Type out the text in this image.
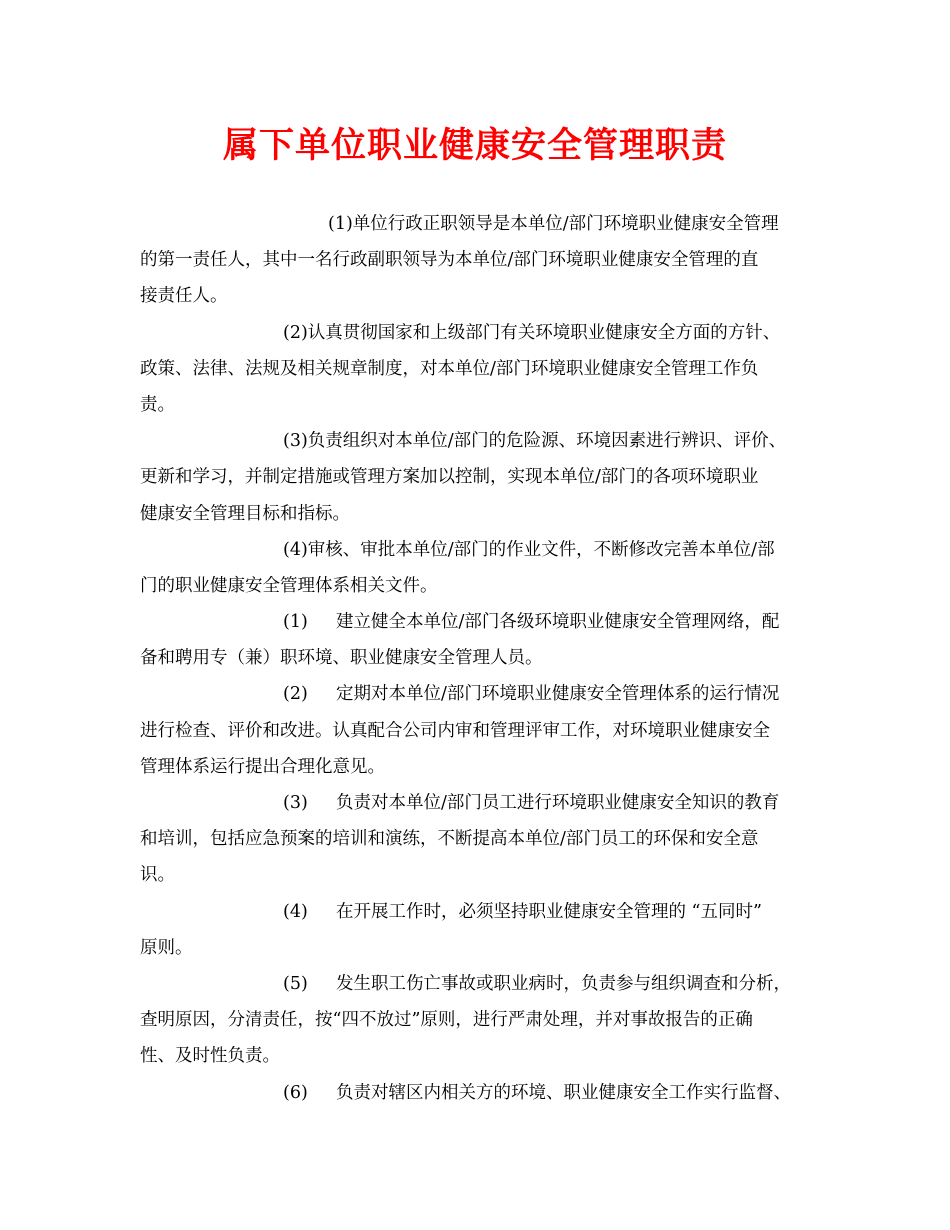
属下单位职业健康安全管理职责
(1)单位行政正职领导是本单位/部门环境职业健康安全管理
的第一责任人，其中一名行政副职领导为本单位/部门环境职业健康安全管理的直
接责任人。
(2)认真贯彻国家和上级部门有关环境职业健康安全方面的方针、
政策、法律、法规及相关规章制度，对本单位/部门环境职业健康安全管理工作负
责。
(3)负责组织对本单位/部门的危险源、环境因素进行辨识、评价、
更新和学习，并制定措施或管理方案加以控制，实现本单位/部门的各项环境职业
健康安全管理目标和指标。
(4)审核、审批本单位/部门的作业文件，不断修改完善本单位/部
门的职业健康安全管理体系相关文件。
(1) 建立健全本单位/部门各级环境职业健康安全管理网络，配
备和聘用专（兼）职环境、职业健康安全管理人员。
(2) 定期对本单位/部门环境职业健康安全管理体系的运行情况
进行检查、评价和改进。认真配合公司内审和管理评审工作，对环境职业健康安全
管理体系运行提出合理化意见。
(3) 负责对本单位/部门员工进行环境职业健康安全知识的教育
和培训，包括应急预案的培训和演练，不断提高本单位/部门员工的环保和安全意
识。
(4) 在开展工作时，必须坚持职业健康安全管理的 “五同时”
原则。
(5) 发生职工伤亡事故或职业病时，负责参与组织调查和分析，
查明原因，分清责任，按“四不放过”原则，进行严肃处理，并对事故报告的正确
性、及时性负责。
(6) 负责对辖区内相关方的环境、职业健康安全工作实行监督、
